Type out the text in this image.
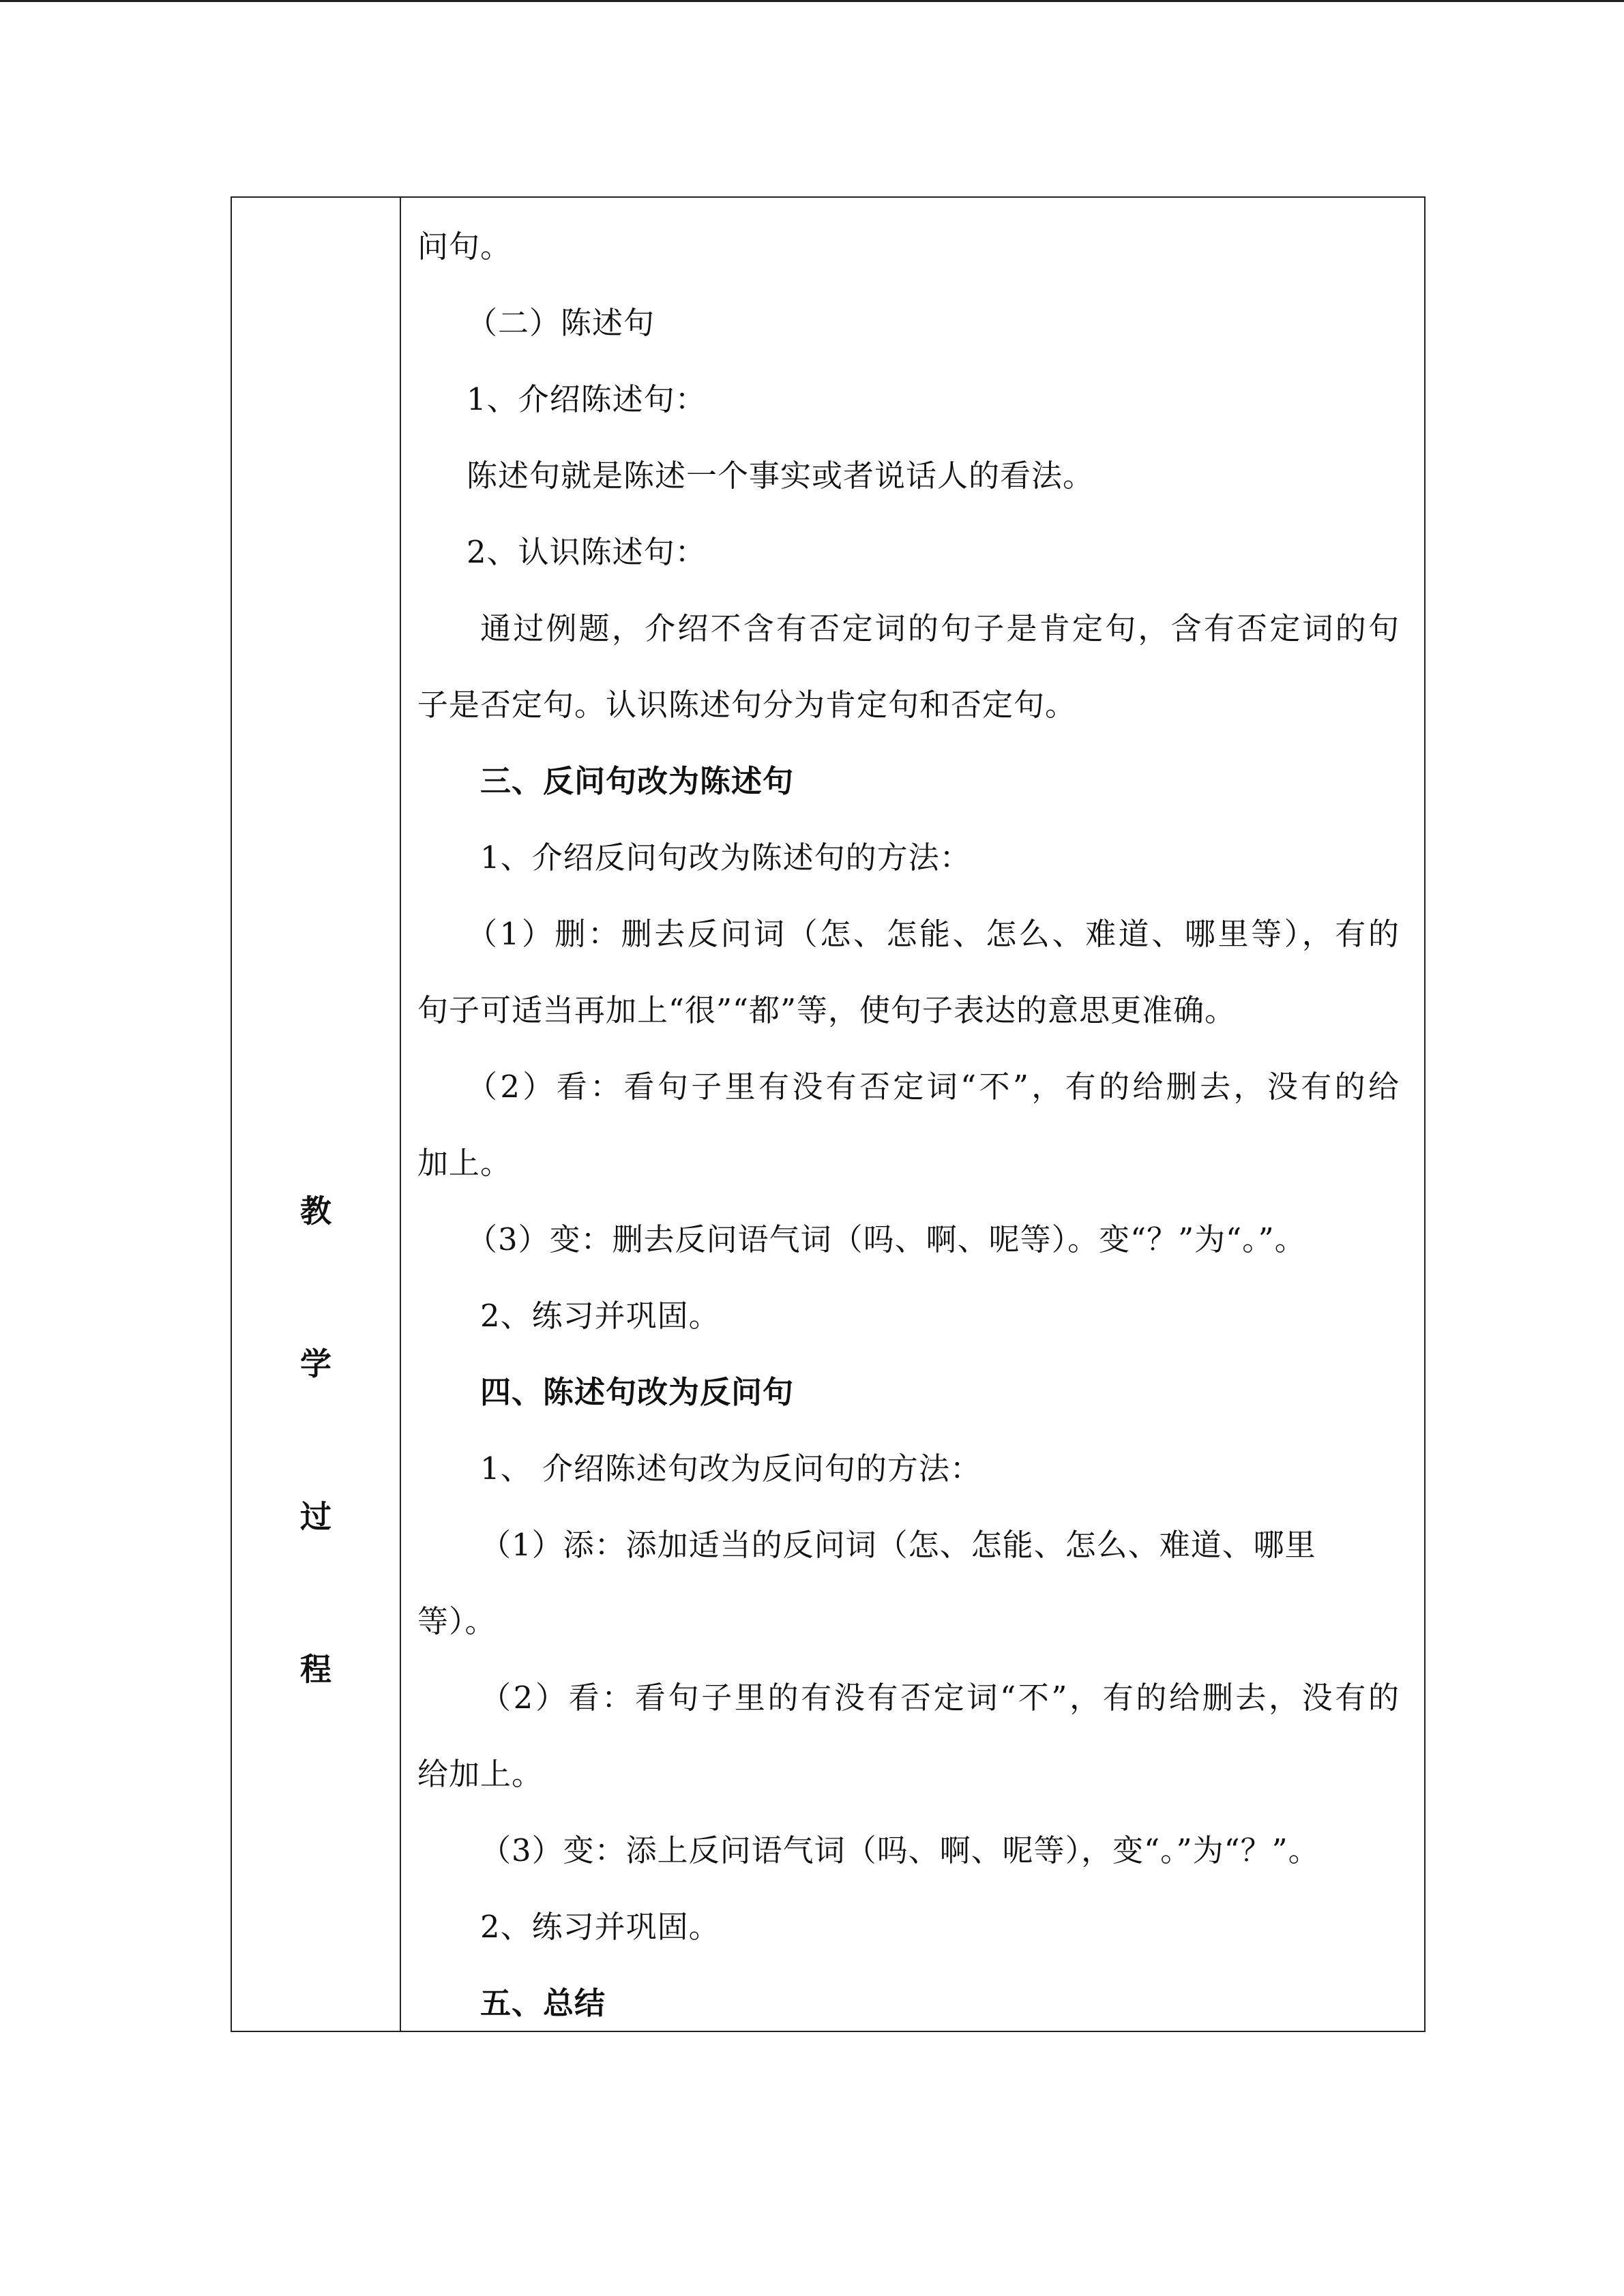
教
学
过
程
问句。
（二）陈述句
1、介绍陈述句：
陈述句就是陈述一个事实或者说话人的看法。
2、认识陈述句：
通过例题，介绍不含有否定词的句子是肯定句，含有否定词的句
子是否定句。认识陈述句分为肯定句和否定句。
三、反问句改为陈述句
1、介绍反问句改为陈述句的方法：
（1）删：删去反问词（怎、怎能、怎么、难道、哪里等），有的
句子可适当再加上“很”“都”等，使句子表达的意思更准确。
（2）看：看句子里有没有否定词“不”，有的给删去，没有的给
加上。
（3）变：删去反问语气词（吗、啊、呢等）。变“？”为“。”。
2、练习并巩固。
四、陈述句改为反问句
1、 介绍陈述句改为反问句的方法：
（1）添：添加适当的反问词（怎、怎能、怎么、难道、哪里
等）。
（2）看：看句子里的有没有否定词“不”，有的给删去，没有的
给加上。
（3）变：添上反问语气词（吗、啊、呢等），变“。”为“？”。
2、练习并巩固。
五、总结
